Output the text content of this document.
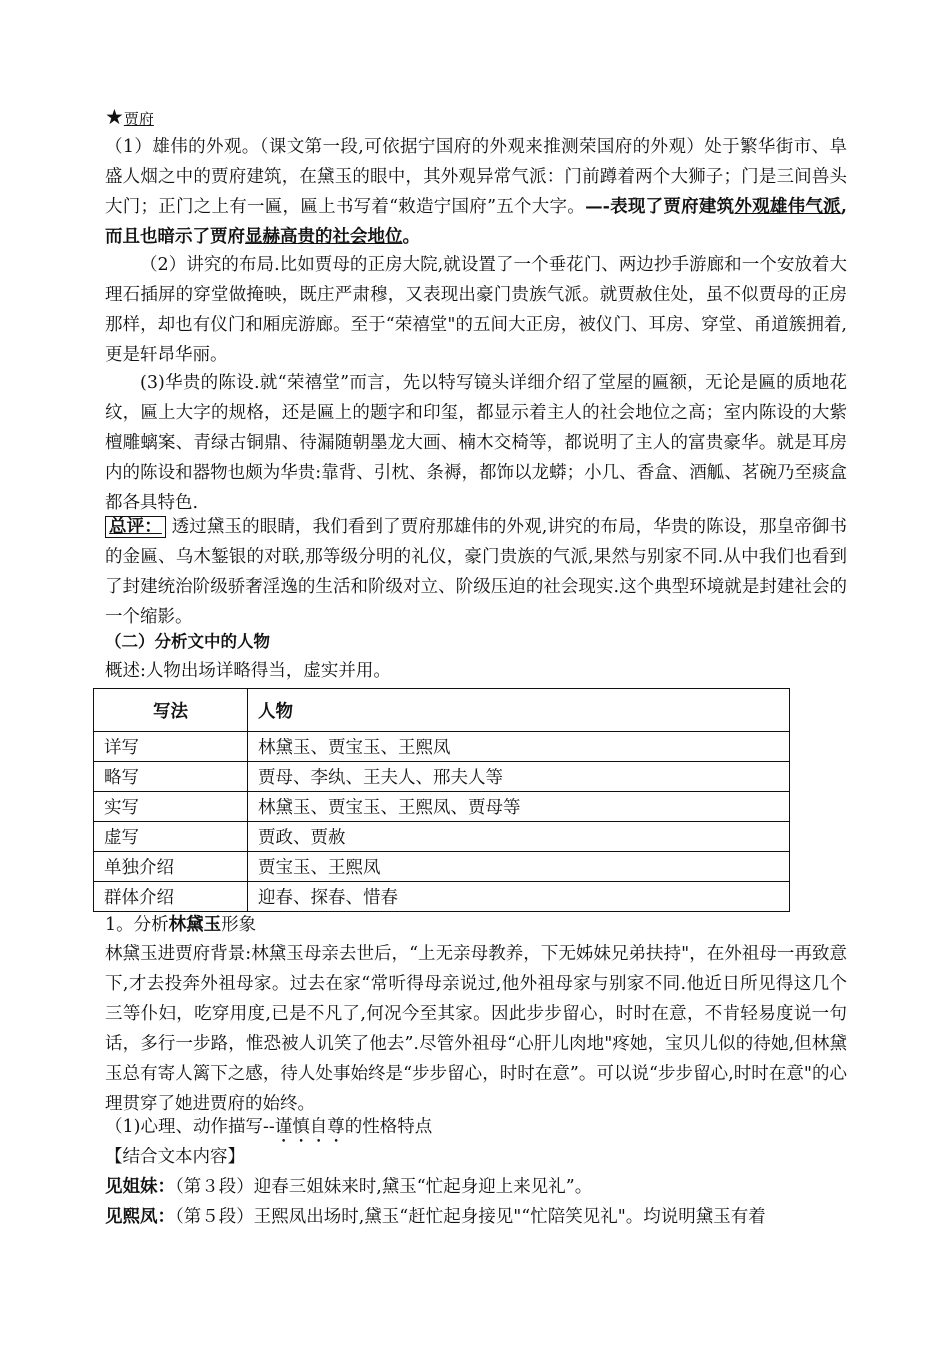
★贾府
（1）雄伟的外观。（课文第一段,可依据宁国府的外观来推测荣国府的外观）处于繁华街市、阜盛人烟之中的贾府建筑，在黛玉的眼中，其外观异常气派：门前蹲着两个大狮子；门是三间兽头大门；正门之上有一匾，匾上书写着“敕造宁国府”五个大字。—-表现了贾府建筑外观雄伟气派,而且也暗示了贾府显赫高贵的社会地位。
（2）讲究的布局.比如贾母的正房大院,就设置了一个垂花门、两边抄手游廊和一个安放着大理石插屏的穿堂做掩映，既庄严肃穆，又表现出豪门贵族气派。就贾赦住处，虽不似贾母的正房那样，却也有仪门和厢庑游廊。至于“荣禧堂"的五间大正房，被仪门、耳房、穿堂、甬道簇拥着,更是轩昂华丽。
(3)华贵的陈设.就“荣禧堂”而言，先以特写镜头详细介绍了堂屋的匾额，无论是匾的质地花纹，匾上大字的规格，还是匾上的题字和印玺，都显示着主人的社会地位之高；室内陈设的大紫檀雕螭案、青绿古铜鼎、待漏随朝墨龙大画、楠木交椅等，都说明了主人的富贵豪华。就是耳房内的陈设和器物也颇为华贵:靠背、引枕、条褥，都饰以龙蟒；小几、香盒、酒觚、茗碗乃至痰盒都各具特色.
总评： 透过黛玉的眼睛，我们看到了贾府那雄伟的外观,讲究的布局，华贵的陈设，那皇帝御书的金匾、乌木錾银的对联,那等级分明的礼仪，豪门贵族的气派,果然与别家不同.从中我们也看到了封建统治阶级骄奢淫逸的生活和阶级对立、阶级压迫的社会现实.这个典型环境就是封建社会的一个缩影。
（二）分析文中的人物
概述:人物出场详略得当，虚实并用。
写法	人物
详写	林黛玉、贾宝玉、王熙凤
略写	贾母、李纨、王夫人、邢夫人等
实写	林黛玉、贾宝玉、王熙凤、贾母等
虚写	贾政、贾赦
单独介绍	贾宝玉、王熙凤
群体介绍	迎春、探春、惜春
1。分析林黛玉形象
林黛玉进贾府背景:林黛玉母亲去世后，“上无亲母教养，下无姊妹兄弟扶持"，在外祖母一再致意下,才去投奔外祖母家。过去在家“常听得母亲说过,他外祖母家与别家不同.他近日所见得这几个三等仆妇，吃穿用度,已是不凡了,何况今至其家。因此步步留心，时时在意，不肯轻易度说一句话，多行一步路，惟恐被人讥笑了他去”.尽管外祖母“心肝儿肉地"疼她，宝贝儿似的待她,但林黛玉总有寄人篱下之感，待人处事始终是“步步留心，时时在意”。可以说“步步留心,时时在意"的心理贯穿了她进贾府的始终。
（1)心理、动作描写--谨慎自尊的性格特点
【结合文本内容】
见姐妹：（第３段）迎春三姐妹来时,黛玉“忙起身迎上来见礼”。
见熙凤：（第５段）王熙凤出场时,黛玉“赶忙起身接见"“忙陪笑见礼"。均说明黛玉有着
